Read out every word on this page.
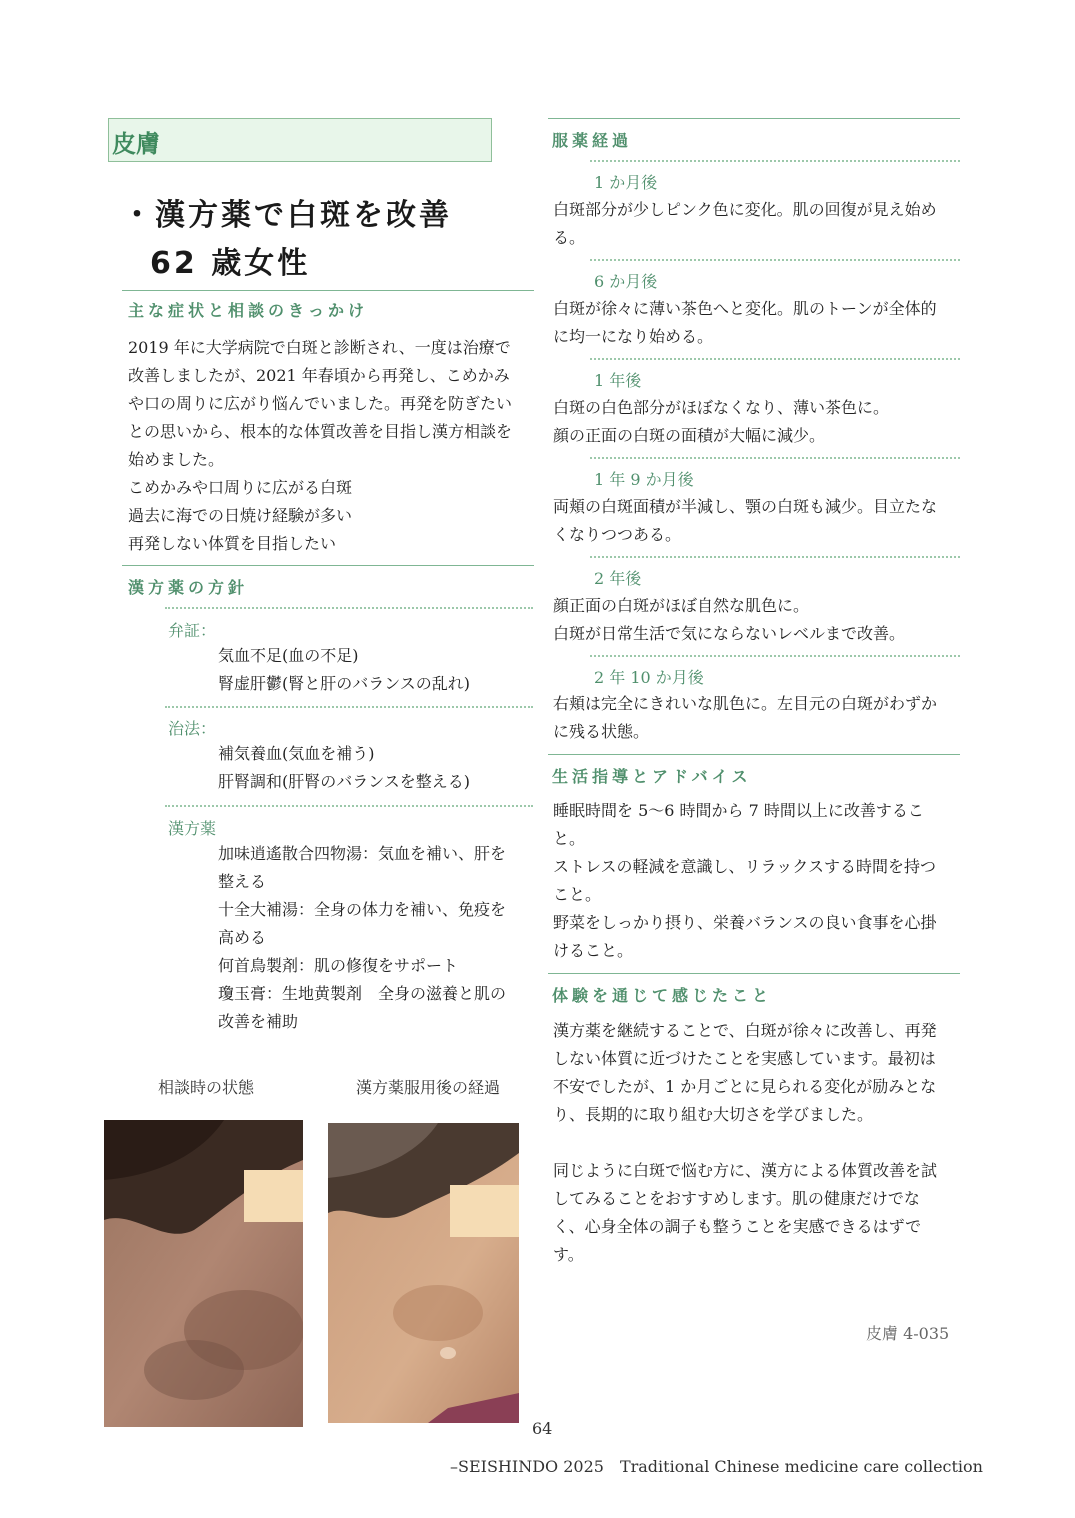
皮膚
・漢方薬で白斑を改善
62 歳女性
主な症状と相談のきっかけ
2019 年に大学病院で白斑と診断され、一度は治療で
改善しましたが、2021 年春頃から再発し、こめかみ
や口の周りに広がり悩んでいました。再発を防ぎたい
との思いから、根本的な体質改善を目指し漢方相談を
始めました。
こめかみや口周りに広がる白斑
過去に海での日焼け経験が多い
再発しない体質を目指したい
漢方薬の方針
弁証：
気血不足(血の不足)
腎虚肝鬱(腎と肝のバランスの乱れ)
治法：
補気養血(気血を補う)
肝腎調和(肝腎のバランスを整える)
漢方薬
加味逍遙散合四物湯：気血を補い、肝を
整える
十全大補湯：全身の体力を補い、免疫を
高める
何首鳥製剤：肌の修復をサポート
瓊玉膏：生地黄製剤　全身の滋養と肌の
改善を補助
相談時の状態	漢方薬服用後の経過
服薬経過
1 か月後
白斑部分が少しピンク色に変化。肌の回復が見え始め
る。
6 か月後
白斑が徐々に薄い茶色へと変化。肌のトーンが全体的
に均一になり始める。
1 年後
白斑の白色部分がほぼなくなり、薄い茶色に。
顔の正面の白斑の面積が大幅に減少。
1 年 9 か月後
両頬の白斑面積が半減し、顎の白斑も減少。目立たな
くなりつつある。
2 年後
顔正面の白斑がほぼ自然な肌色に。
白斑が日常生活で気にならないレベルまで改善。
2 年 10 か月後
右頬は完全にきれいな肌色に。左目元の白斑がわずか
に残る状態。
生活指導とアドバイス
睡眠時間を 5〜6 時間から 7 時間以上に改善するこ
と。
ストレスの軽減を意識し、リラックスする時間を持つ
こと。
野菜をしっかり摂り、栄養バランスの良い食事を心掛
けること。
体験を通じて感じたこと
漢方薬を継続することで、白斑が徐々に改善し、再発
しない体質に近づけたことを実感しています。最初は
不安でしたが、1 か月ごとに見られる変化が励みとな
り、長期的に取り組む大切さを学びました。
同じように白斑で悩む方に、漢方による体質改善を試
してみることをおすすめします。肌の健康だけでな
く、心身全体の調子も整うことを実感できるはずで
す。
皮膚 4-035
64
–SEISHINDO 2025　Traditional Chinese medicine care collection
